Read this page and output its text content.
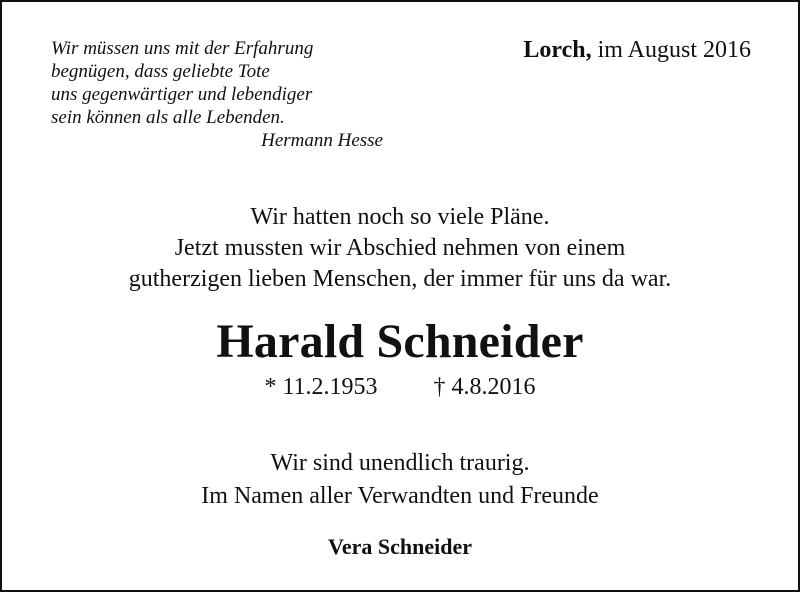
Wir müssen uns mit der Erfahrung
begnügen, dass geliebte Tote
uns gegenwärtiger und lebendiger
sein können als alle Lebenden.
Hermann Hesse
Lorch, im August 2016
Wir hatten noch so viele Pläne.
Jetzt mussten wir Abschied nehmen von einem
gutherzigen lieben Menschen, der immer für uns da war.
Harald Schneider
* 11.2.1953 † 4.8.2016
Wir sind unendlich traurig.
Im Namen aller Verwandten und Freunde
Vera Schneider
